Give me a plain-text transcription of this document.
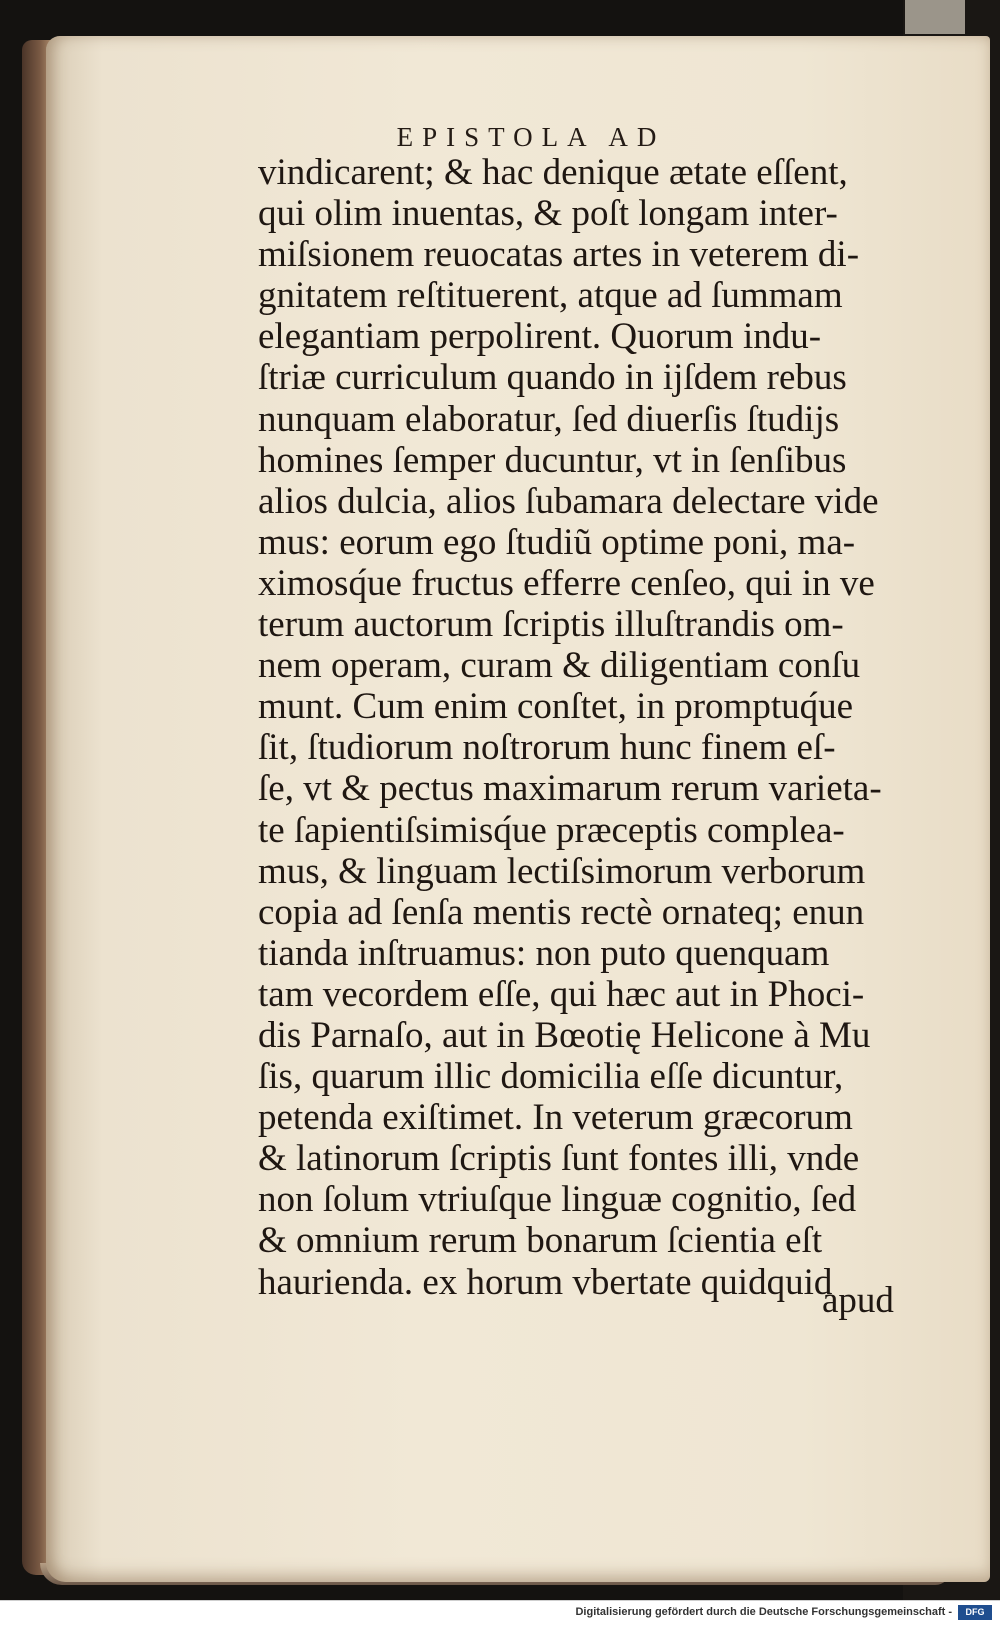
EPISTOLA AD
vindicarent; & hac denique ætate eſſent,
qui olim inuentas, & poſt longam inter-
miſsionem reuocatas artes in veterem di-
gnitatem reſtituerent, atque ad ſummam
elegantiam perpolirent. Quorum indu-
ſtriæ curriculum quando in ijſdem rebus
nunquam elaboratur, ſed diuerſis ſtudijs
homines ſemper ducuntur, vt in ſenſibus
alios dulcia, alios ſubamara delectare vide
mus: eorum ego ſtudiũ optime poni, ma-
ximosq́ue fructus efferre cenſeo, qui in ve
terum auctorum ſcriptis illuſtrandis om-
nem operam, curam & diligentiam conſu
munt. Cum enim conſtet, in promptuq́ue
ſit, ſtudiorum noſtrorum hunc finem eſ-
ſe, vt & pectus maximarum rerum varieta-
te ſapientiſsimisq́ue præceptis complea-
mus, & linguam lectiſsimorum verborum
copia ad ſenſa mentis rectè ornateq; enun
tianda inſtruamus: non puto quenquam
tam vecordem eſſe, qui hæc aut in Phoci-
dis Parnaſo, aut in Bœotię Helicone à Mu
ſis, quarum illic domicilia eſſe dicuntur,
petenda exiſtimet. In veterum græcorum
& latinorum ſcriptis ſunt fontes illi, vnde
non ſolum vtriuſque linguæ cognitio, ſed
& omnium rerum bonarum ſcientia eſt
haurienda. ex horum vbertate quidquid
apud
Digitalisierung gefördert durch die Deutsche Forschungsgemeinschaft -	DFG
